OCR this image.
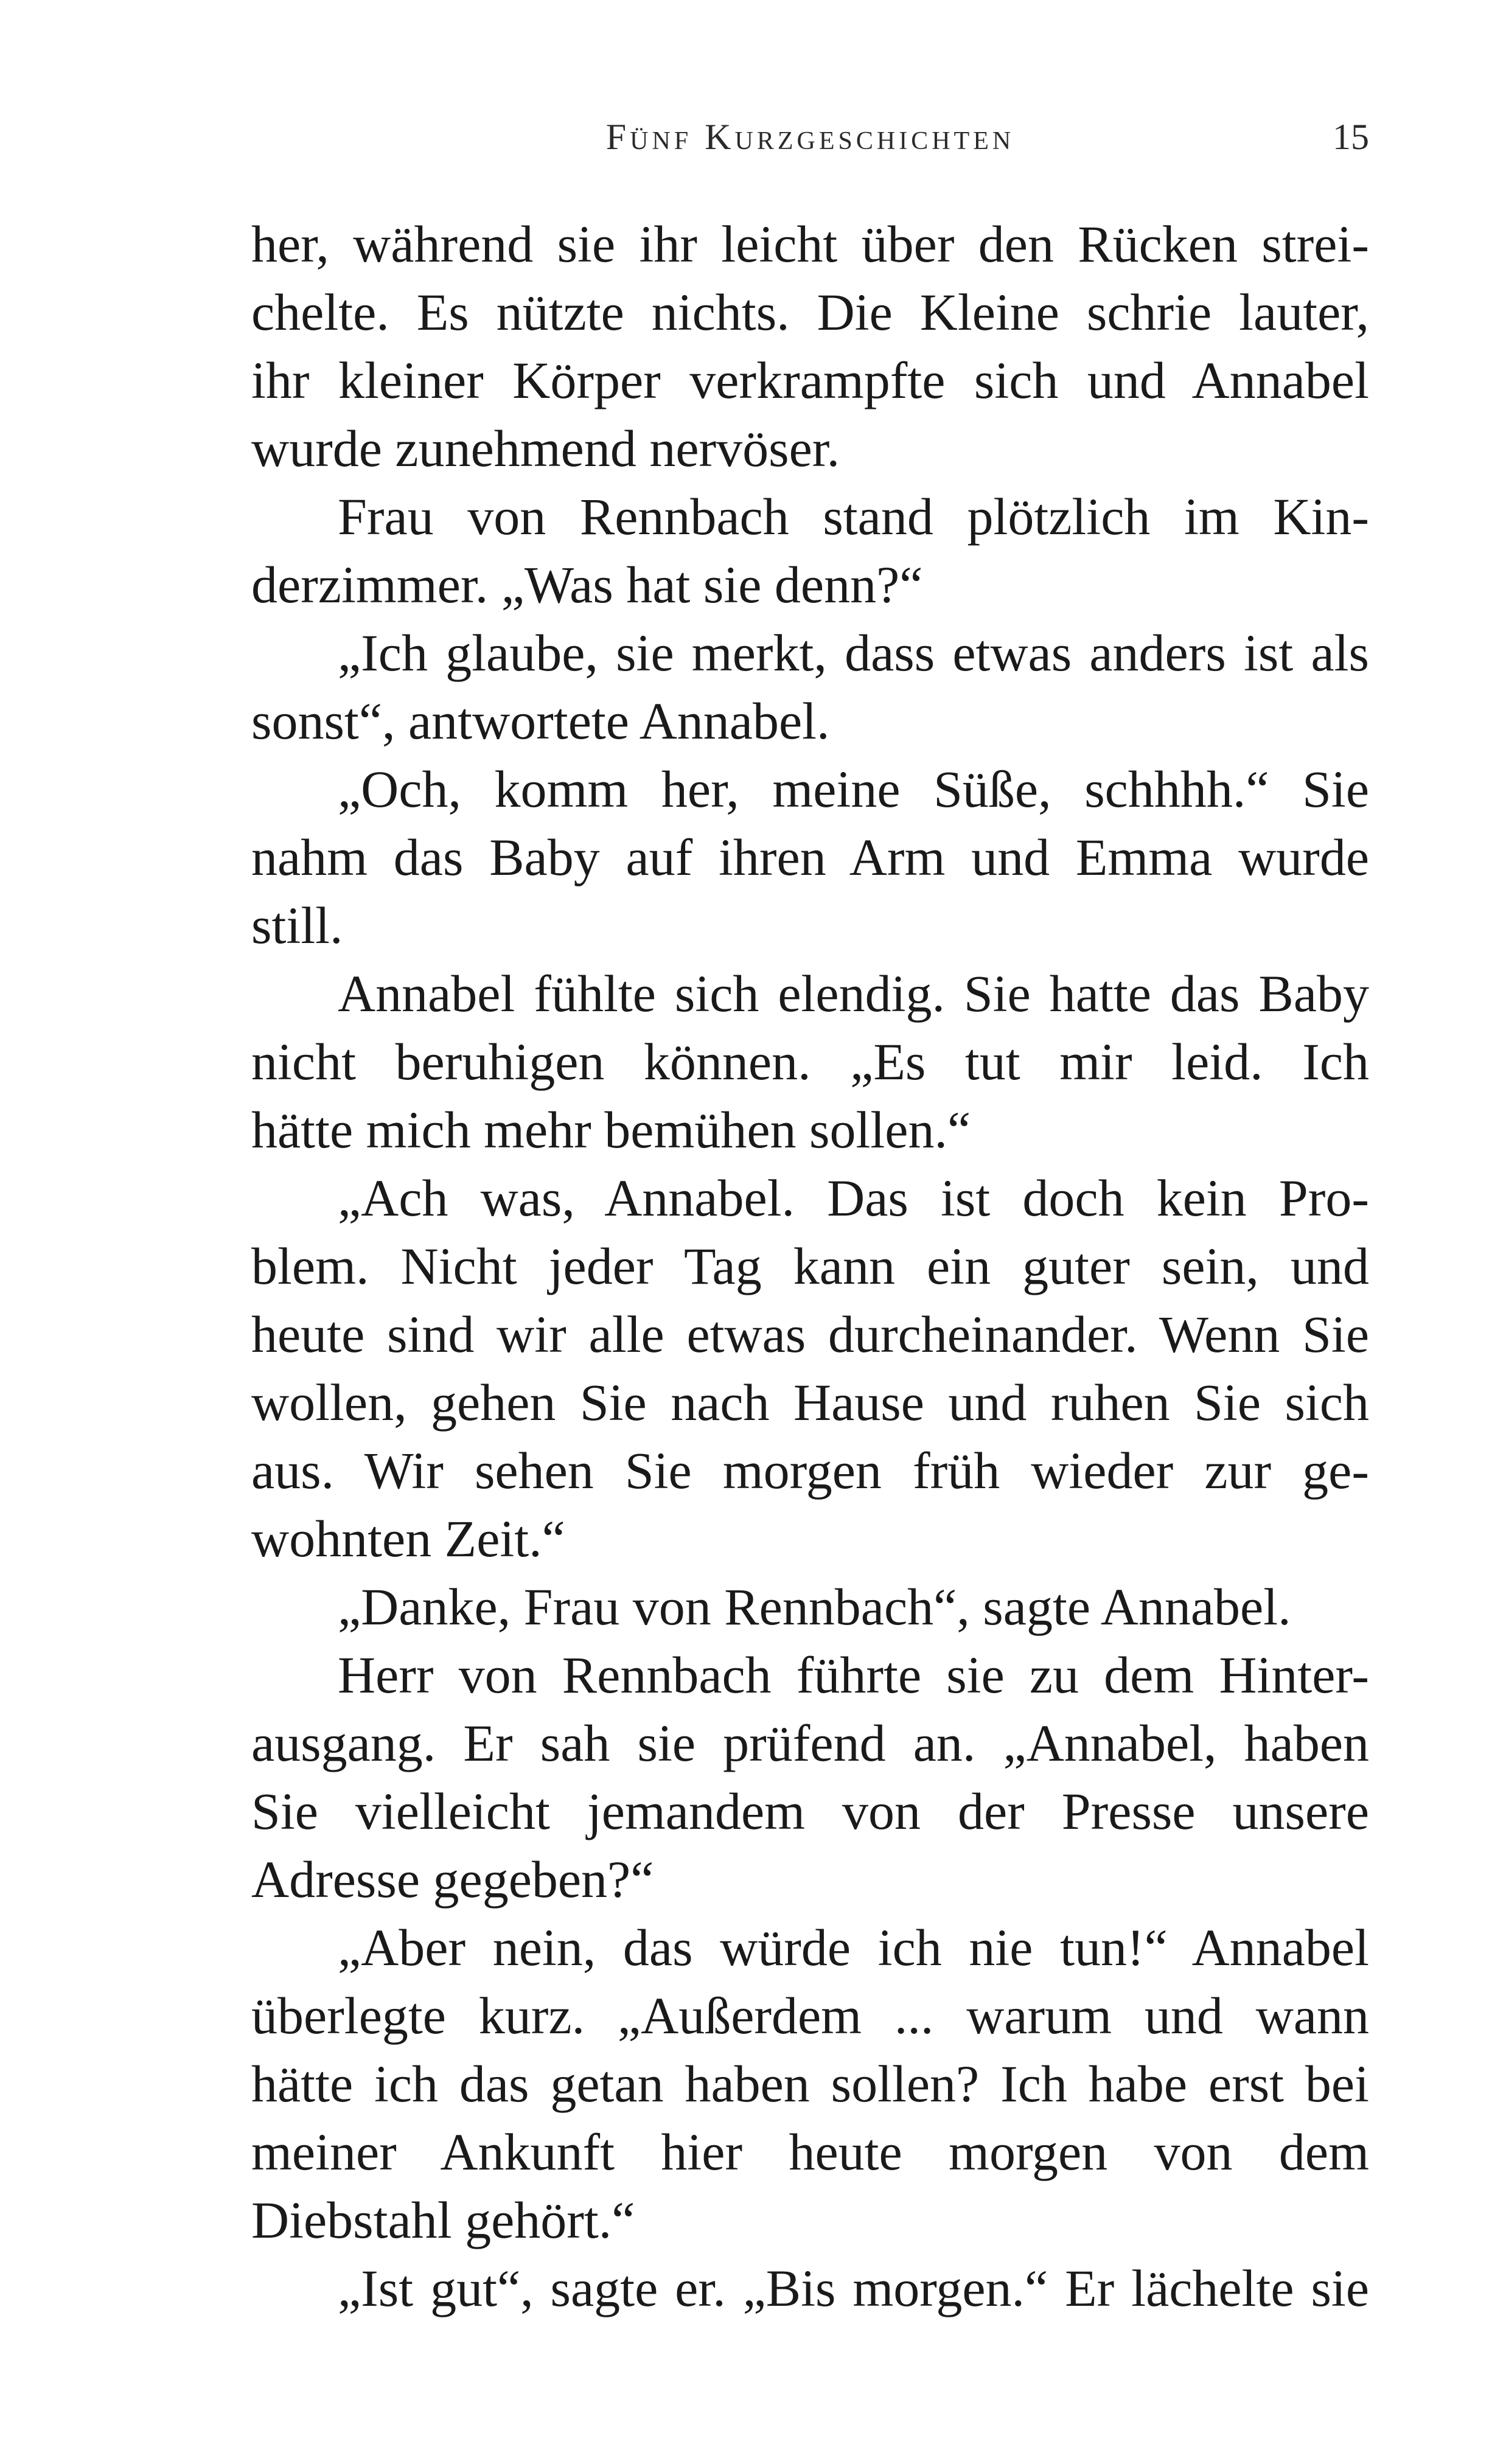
Fünf Kurzgeschichten	15
her, während sie ihr leicht über den Rücken strei-
chelte. Es nützte nichts. Die Kleine schrie lauter,
ihr kleiner Körper verkrampfte sich und Annabel
wurde zunehmend nervöser.
Frau von Rennbach stand plötzlich im Kin-
derzimmer. „Was hat sie denn?“
„Ich glaube, sie merkt, dass etwas anders ist als
sonst“, antwortete Annabel.
„Och, komm her, meine Süße, schhhh.“ Sie
nahm das Baby auf ihren Arm und Emma wurde
still.
Annabel fühlte sich elendig. Sie hatte das Baby
nicht beruhigen können. „Es tut mir leid. Ich
hätte mich mehr bemühen sollen.“
„Ach was, Annabel. Das ist doch kein Pro-
blem. Nicht jeder Tag kann ein guter sein, und
heute sind wir alle etwas durcheinander. Wenn Sie
wollen, gehen Sie nach Hause und ruhen Sie sich
aus. Wir sehen Sie morgen früh wieder zur ge-
wohnten Zeit.“
„Danke, Frau von Rennbach“, sagte Annabel.
Herr von Rennbach führte sie zu dem Hinter-
ausgang. Er sah sie prüfend an. „Annabel, haben
Sie vielleicht jemandem von der Presse unsere
Adresse gegeben?“
„Aber nein, das würde ich nie tun!“ Annabel
überlegte kurz. „Außerdem ... warum und wann
hätte ich das getan haben sollen? Ich habe erst bei
meiner Ankunft hier heute morgen von dem
Diebstahl gehört.“
„Ist gut“, sagte er. „Bis morgen.“ Er lächelte sie
